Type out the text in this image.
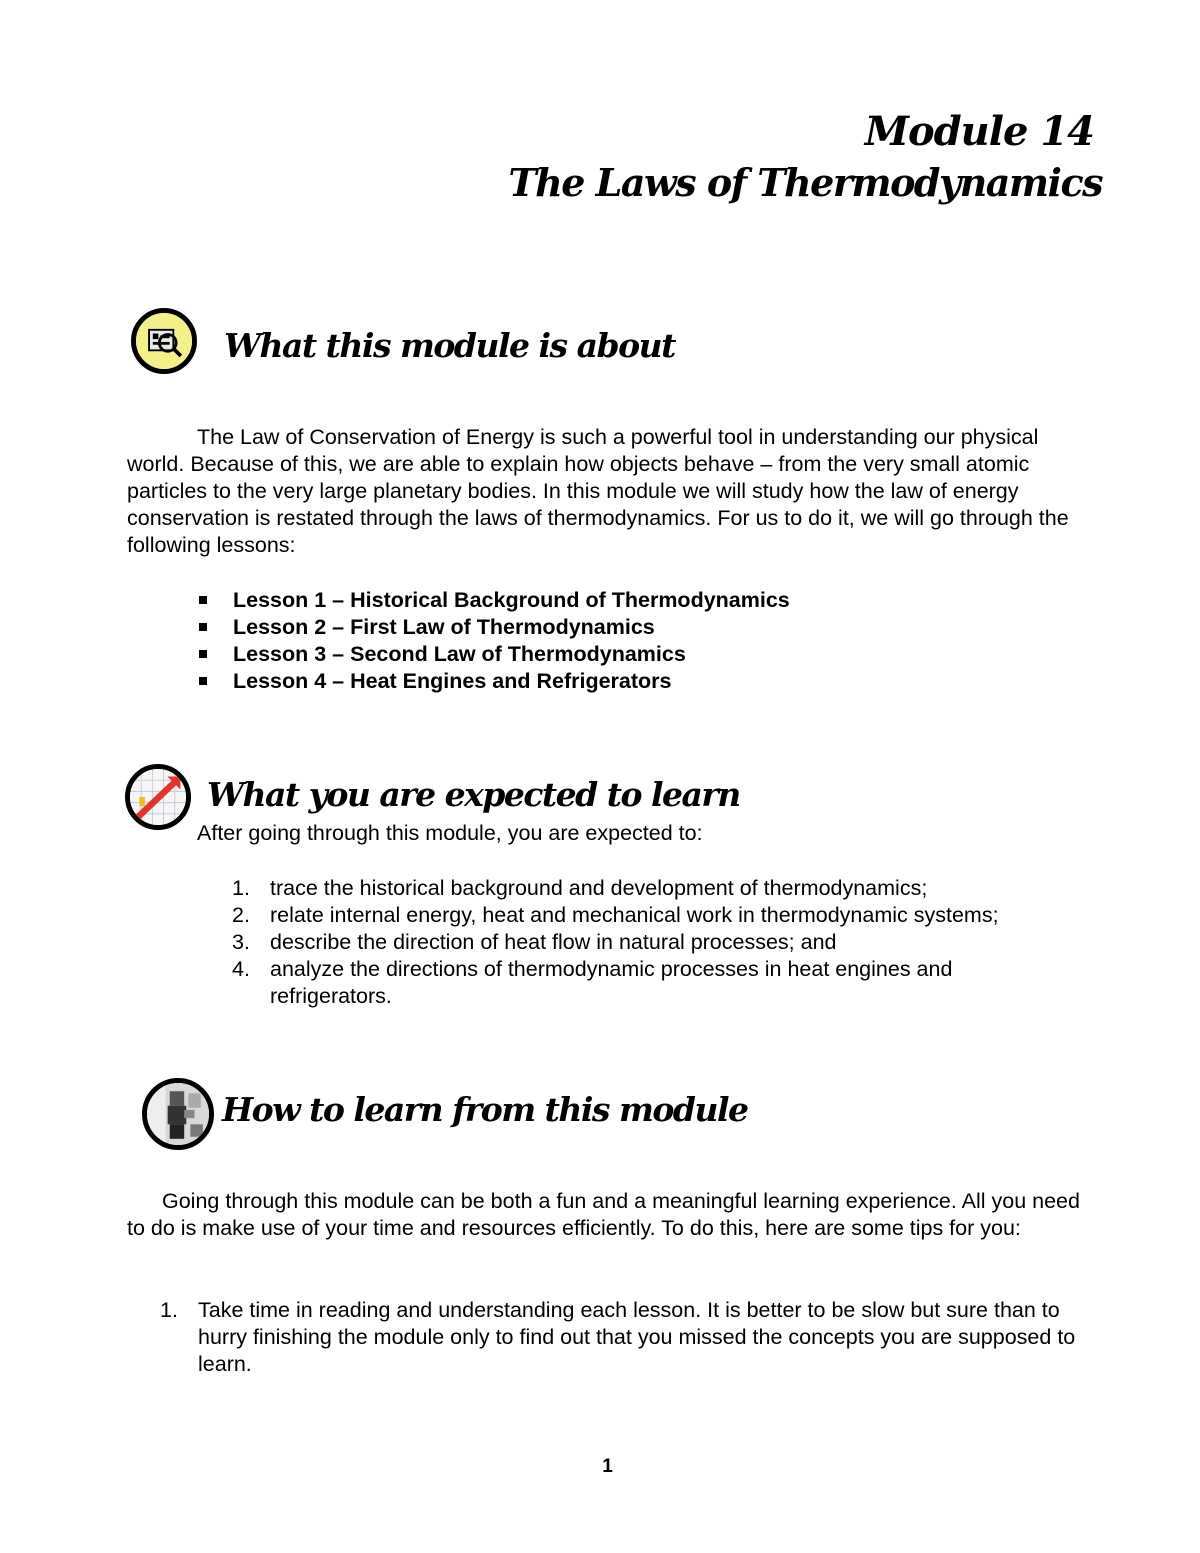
Module 14
The Laws of Thermodynamics
What this module is about
The Law of Conservation of Energy is such a powerful tool in understanding our physical world. Because of this, we are able to explain how objects behave – from the very small atomic particles to the very large planetary bodies. In this module we will study how the law of energy conservation is restated through the laws of thermodynamics. For us to do it, we will go through the following lessons:
Lesson 1 – Historical Background of Thermodynamics
Lesson 2 – First Law of Thermodynamics
Lesson 3 – Second Law of Thermodynamics
Lesson 4 – Heat Engines and Refrigerators
What you are expected to learn
After going through this module, you are expected to:
1. trace the historical background and development of thermodynamics;
2. relate internal energy, heat and mechanical work in thermodynamic systems;
3. describe the direction of heat flow in natural processes; and
4. analyze the directions of thermodynamic processes in heat engines and refrigerators.
How to learn from this module
Going through this module can be both a fun and a meaningful learning experience. All you need to do is make use of your time and resources efficiently. To do this, here are some tips for you:
1. Take time in reading and understanding each lesson. It is better to be slow but sure than to hurry finishing the module only to find out that you missed the concepts you are supposed to learn.
1
